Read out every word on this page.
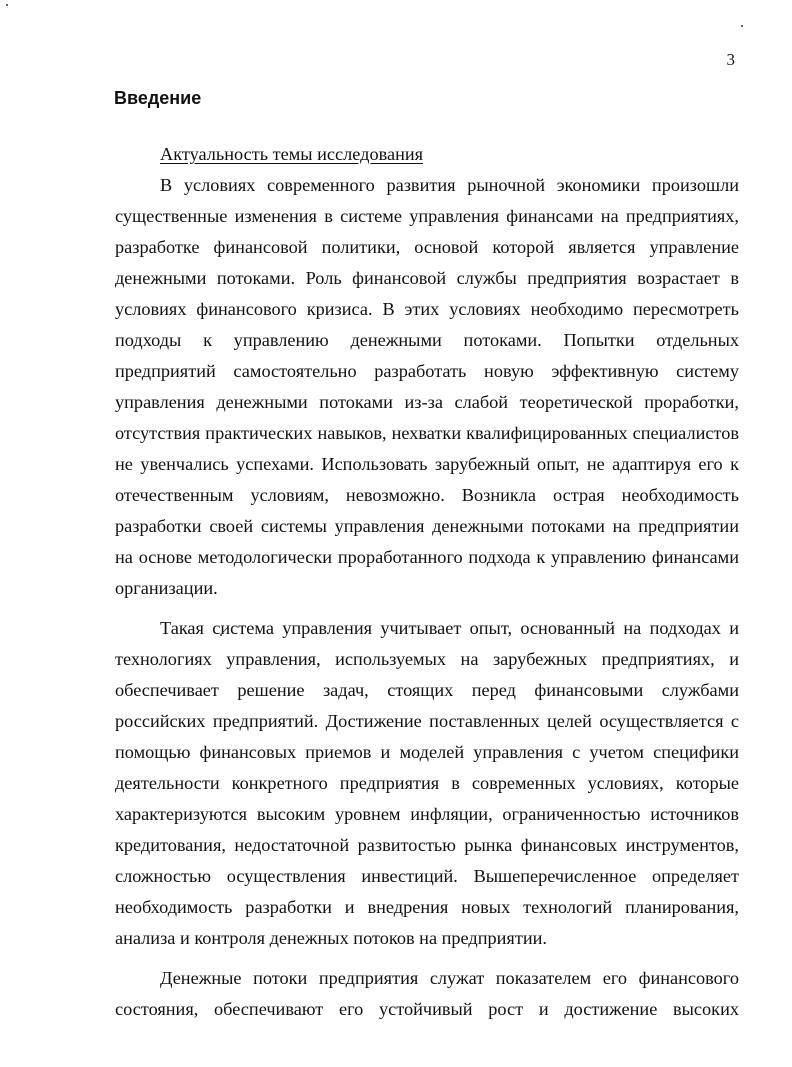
3
Введение
Актуальность темы исследования

В условиях современного развития рыночной экономики произошли существенные изменения в системе управления финансами на предприятиях, разработке финансовой политики, основой которой является управление денежными потоками. Роль финансовой службы предприятия возрастает в условиях финансового кризиса. В этих условиях необходимо пересмотреть подходы к управлению денежными потоками. Попытки отдельных предприятий самостоятельно разработать новую эффективную систему управления денежными потоками из-за слабой теоретической проработки, отсутствия практических навыков, нехватки квалифицированных специалистов не увенчались успехами. Использовать зарубежный опыт, не адаптируя его к отечественным условиям, невозможно. Возникла острая необходимость разработки своей системы управления денежными потоками на предприятии на основе методологически проработанного подхода к управлению финансами организации.

Такая система управления учитывает опыт, основанный на подходах и технологиях управления, используемых на зарубежных предприятиях, и обеспечивает решение задач, стоящих перед финансовыми службами российских предприятий. Достижение поставленных целей осуществляется с помощью финансовых приемов и моделей управления с учетом специфики деятельности конкретного предприятия в современных условиях, которые характеризуются высоким уровнем инфляции, ограниченностью источников кредитования, недостаточной развитостью рынка финансовых инструментов, сложностью осуществления инвестиций. Вышеперечисленное определяет необходимость разработки и внедрения новых технологий планирования, анализа и контроля денежных потоков на предприятии.

Денежные потоки предприятия служат показателем его финансового состояния, обеспечивают его устойчивый рост и достижение высоких
